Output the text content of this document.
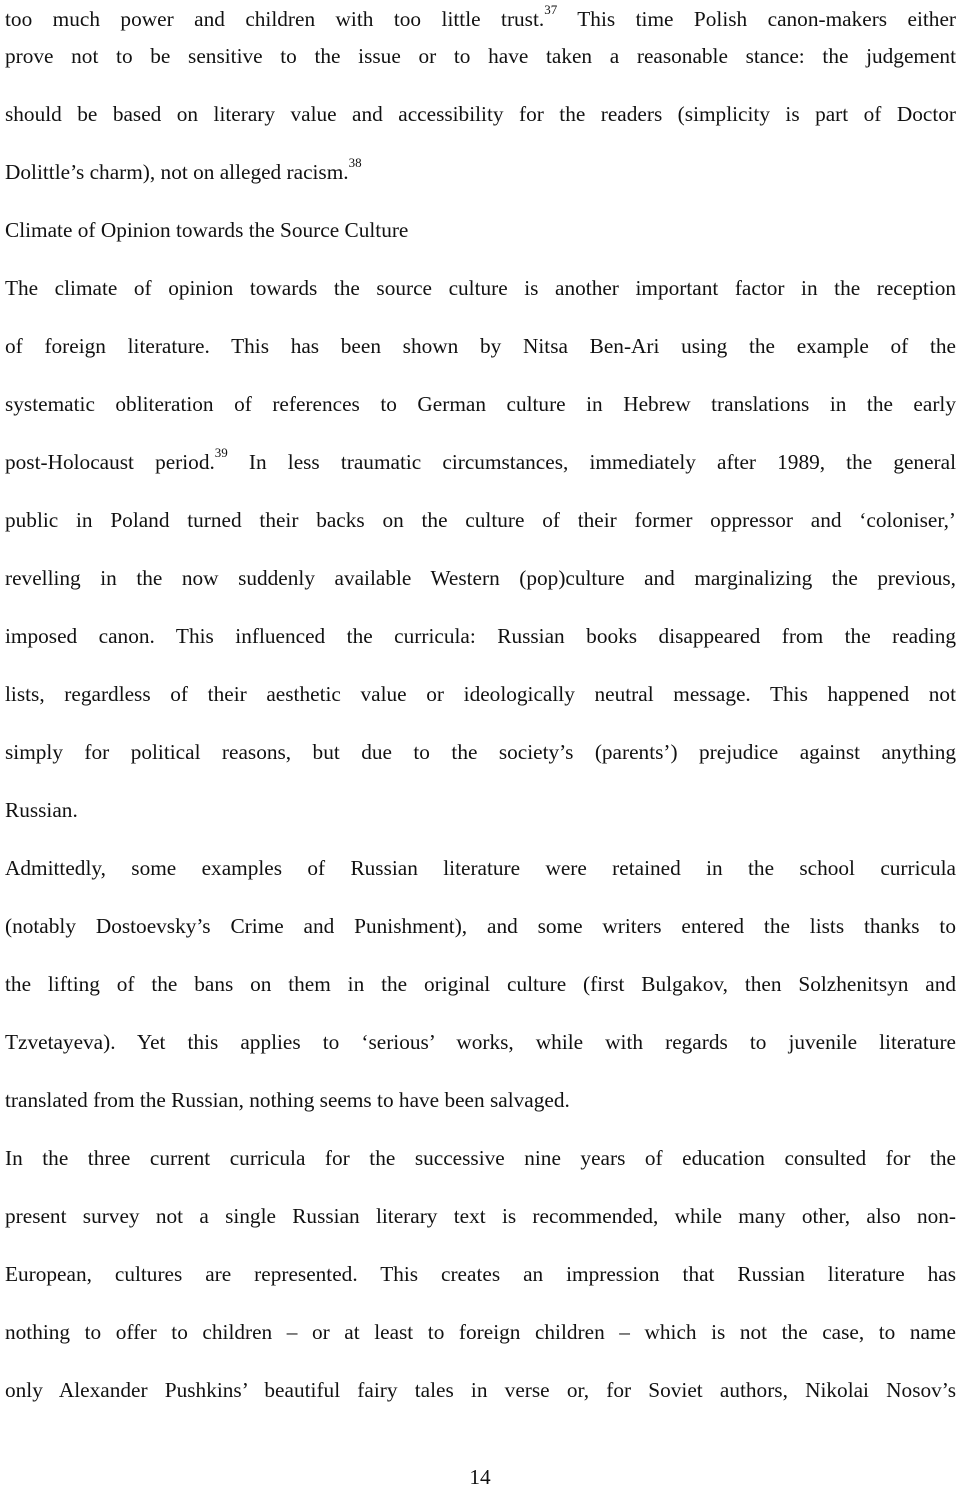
too much power and children with too little trust.$^{37}$ This time Polish canon-makers either
prove not to be sensitive to the issue or to have taken a reasonable stance: the judgement
should be based on literary value and accessibility for the readers (simplicity is part of Doctor
Dolittle’s charm), not on alleged racism.$^{38}$
Climate of Opinion towards the Source Culture
The climate of opinion towards the source culture is another important factor in the reception
of foreign literature. This has been shown by Nitsa Ben-Ari using the example of the
systematic obliteration of references to German culture in Hebrew translations in the early
post-Holocaust period.$^{39}$ In less traumatic circumstances, immediately after 1989, the general
public in Poland turned their backs on the culture of their former oppressor and ‘coloniser,’
revelling in the now suddenly available Western (pop)culture and marginalizing the previous,
imposed canon. This influenced the curricula: Russian books disappeared from the reading
lists, regardless of their aesthetic value or ideologically neutral message. This happened not
simply for political reasons, but due to the society’s (parents’) prejudice against anything
Russian.
Admittedly, some examples of Russian literature were retained in the school curricula
(notably Dostoevsky’s Crime and Punishment), and some writers entered the lists thanks to
the lifting of the bans on them in the original culture (first Bulgakov, then Solzhenitsyn and
Tzvetayeva). Yet this applies to ‘serious’ works, while with regards to juvenile literature
translated from the Russian, nothing seems to have been salvaged.
In the three current curricula for the successive nine years of education consulted for the
present survey not a single Russian literary text is recommended, while many other, also non-
European, cultures are represented. This creates an impression that Russian literature has
nothing to offer to children – or at least to foreign children – which is not the case, to name
only Alexander Pushkins’ beautiful fairy tales in verse or, for Soviet authors, Nikolai Nosov’s
14
